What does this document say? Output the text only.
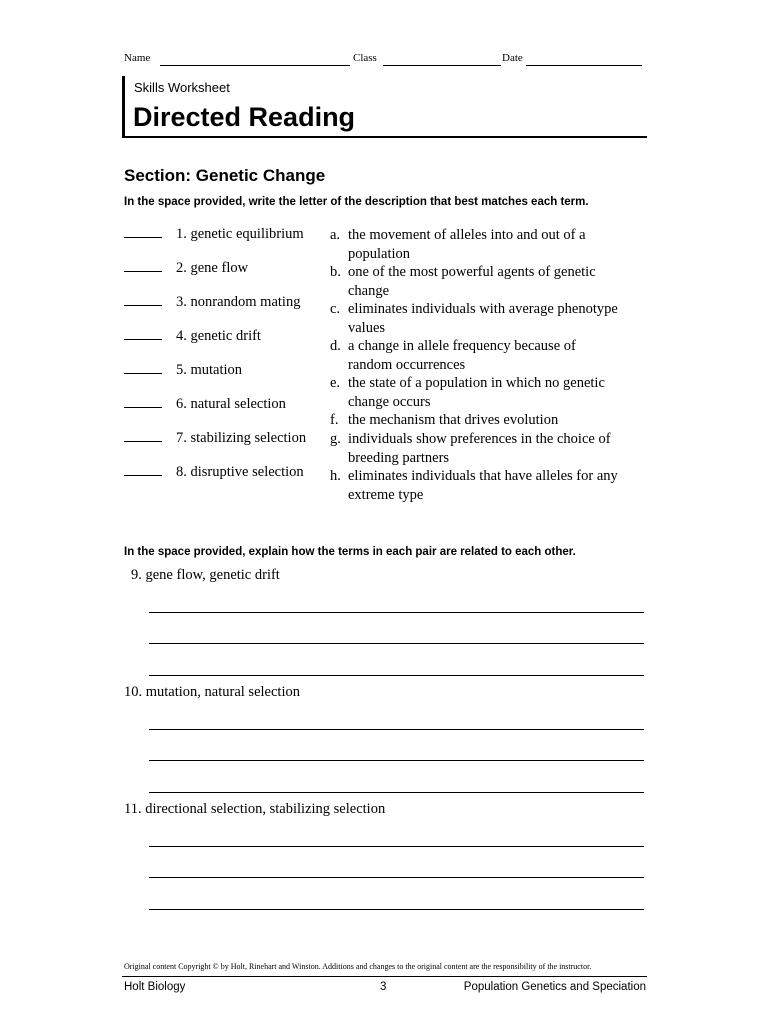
Name	Class	Date
Skills Worksheet
Directed Reading
Section: Genetic Change
In the space provided, write the letter of the description that best matches each term.
1. genetic equilibrium
2. gene flow
3. nonrandom mating
4. genetic drift
5. mutation
6. natural selection
7. stabilizing selection
8. disruptive selection
a. the movement of alleles into and out of a
population
b. one of the most powerful agents of genetic
change
c. eliminates individuals with average phenotype
values
d. a change in allele frequency because of
random occurrences
e. the state of a population in which no genetic
change occurs
f. the mechanism that drives evolution
g. individuals show preferences in the choice of
breeding partners
h. eliminates individuals that have alleles for any
extreme type
In the space provided, explain how the terms in each pair are related to each other.
9. gene flow, genetic drift
10. mutation, natural selection
11. directional selection, stabilizing selection
Original content Copyright © by Holt, Rinehart and Winston. Additions and changes to the original content are the responsibility of the instructor.
Holt Biology	3	Population Genetics and Speciation
